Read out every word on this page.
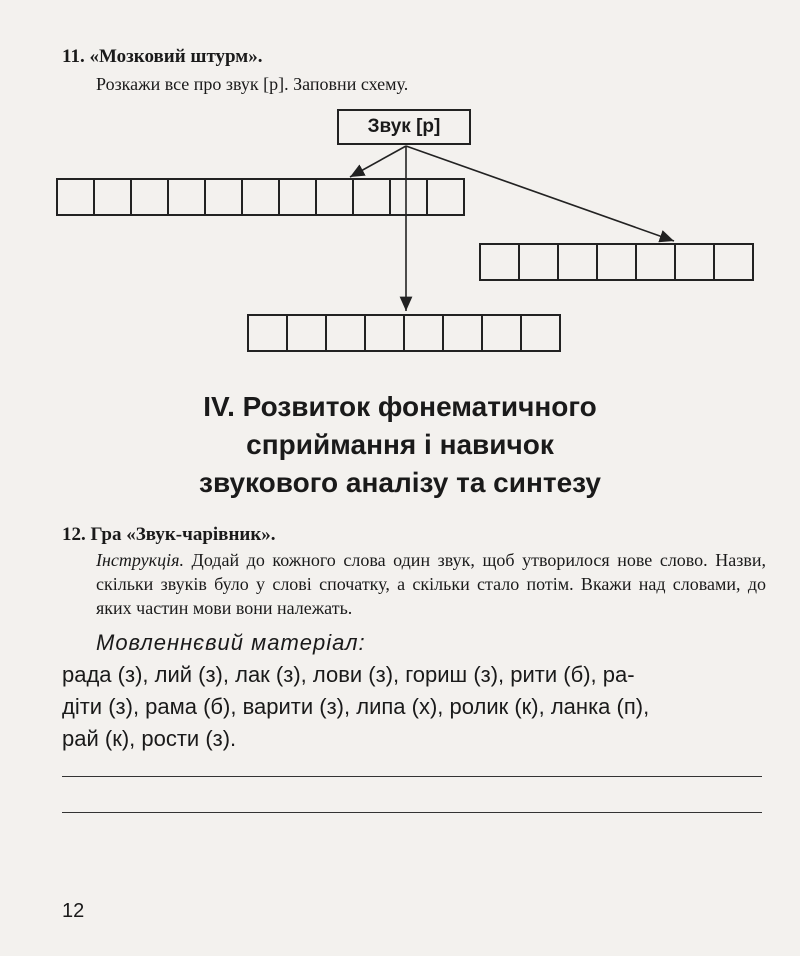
11. «Мозковий штурм».
Розкажи все про звук [р]. Заповни схему.
Звук [р]
IV. Розвиток фонематичного
сприймання і навичок
звукового аналізу та синтезу
12. Гра «Звук-чарівник».
Інструкція. Додай до кожного слова один звук, щоб утворилося нове слово. Назви, скільки звуків було у слові спочатку, а скільки стало потім. Вкажи над словами, до яких частин мови вони належать.
Мовленнєвий матеріал:
рада (з), лий (з), лак (з), лови (з), гориш (з), рити (б), ра-
діти (з), рама (б), варити (з), липа (х), ролик (к), ланка (п),
рай (к), рости (з).
12
